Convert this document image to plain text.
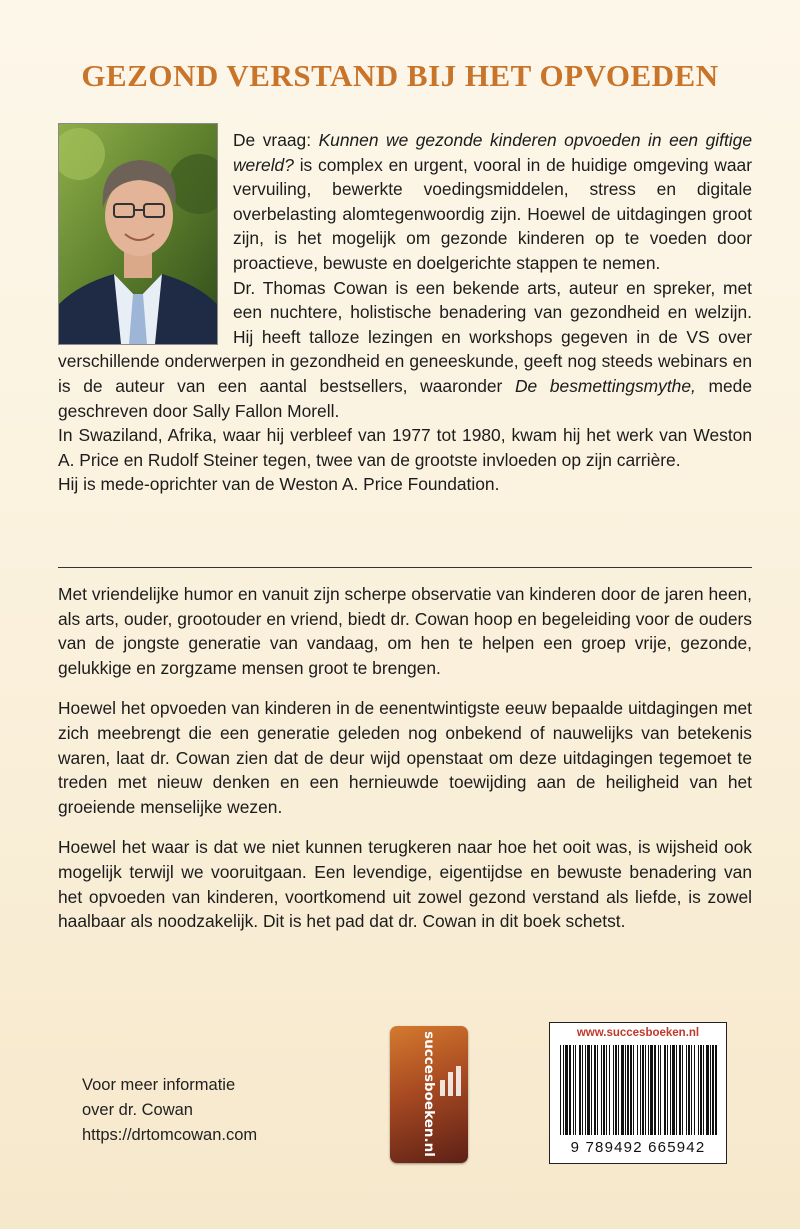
GEZOND VERSTAND BIJ HET OPVOEDEN

De vraag: Kunnen we gezonde kinderen opvoeden in een giftige wereld? is complex en urgent, vooral in de huidige omgeving waar vervuiling, bewerkte voedingsmiddelen, stress en digitale overbelasting alomtegenwoordig zijn. Hoewel de uitdagingen groot zijn, is het mogelijk om gezonde kinderen op te voeden door proactieve, bewuste en doelgerichte stappen te nemen.

Dr. Thomas Cowan is een bekende arts, auteur en spreker, met een nuchtere, holistische benadering van gezondheid en welzijn. Hij heeft talloze lezingen en workshops gegeven in de VS over verschillende onderwerpen in gezondheid en geneeskunde, geeft nog steeds webinars en is de auteur van een aantal bestsellers, waaronder De besmettingsmythe, mede geschreven door Sally Fallon Morell.

In Swaziland, Afrika, waar hij verbleef van 1977 tot 1980, kwam hij het werk van Weston A. Price en Rudolf Steiner tegen, twee van de grootste invloeden op zijn carrière.

Hij is mede-oprichter van de Weston A. Price Foundation.

Met vriendelijke humor en vanuit zijn scherpe observatie van kinderen door de jaren heen, als arts, ouder, grootouder en vriend, biedt dr. Cowan hoop en begeleiding voor de ouders van de jongste generatie van vandaag, om hen te helpen een groep vrije, gezonde, gelukkige en zorgzame mensen groot te brengen.

Hoewel het opvoeden van kinderen in de eenentwintigste eeuw bepaalde uitdagingen met zich meebrengt die een generatie geleden nog onbekend of nauwelijks van betekenis waren, laat dr. Cowan zien dat de deur wijd openstaat om deze uitdagingen tegemoet te treden met nieuw denken en een hernieuwde toewijding aan de heiligheid van het groeiende menselijke wezen.

Hoewel het waar is dat we niet kunnen terugkeren naar hoe het ooit was, is wijsheid ook mogelijk terwijl we vooruitgaan. Een levendige, eigentijdse en bewuste benadering van het opvoeden van kinderen, voortkomend uit zowel gezond verstand als liefde, is zowel haalbaar als noodzakelijk. Dit is het pad dat dr. Cowan in dit boek schetst.

Voor meer informatie
over dr. Cowan
https://drtomcowan.com	succesboeken.nl	www.succesboeken.nl
9 789492 665942
